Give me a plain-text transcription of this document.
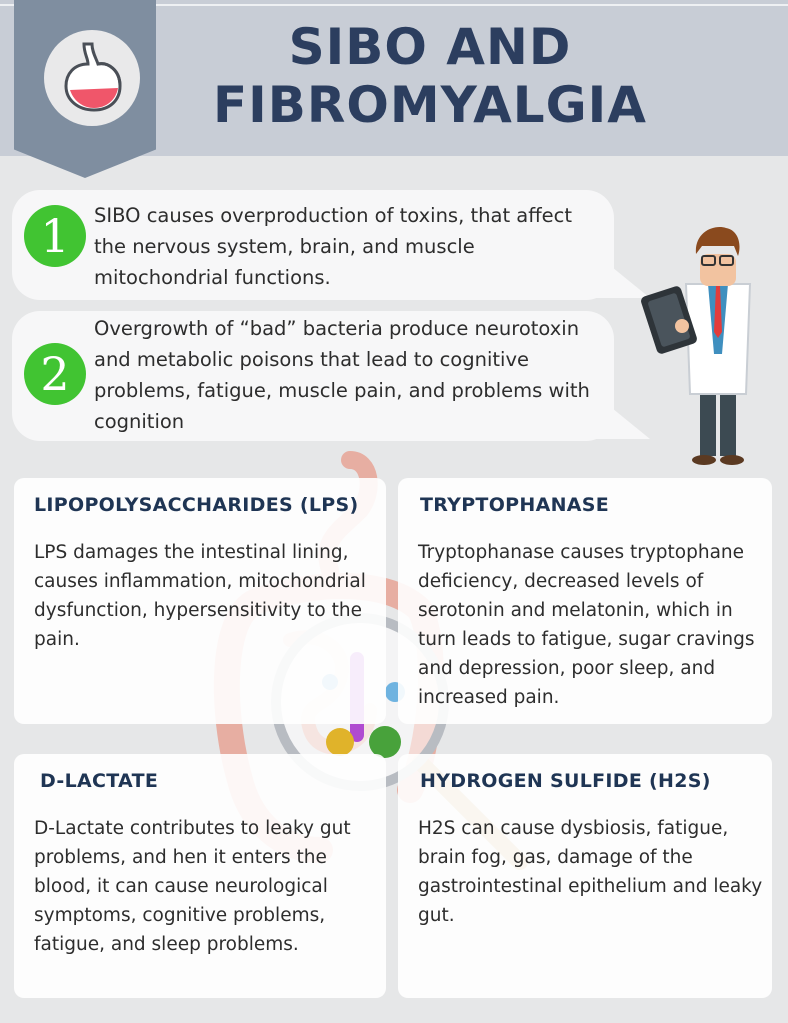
SIBO AND
FIBROMYALGIA
1	SIBO causes overproduction of toxins, that affect the nervous system, brain, and muscle mitochondrial functions.

2

Overgrowth of “bad” bacteria produce neurotoxin and metabolic poisons that lead to cognitive problems, fatigue, muscle pain, and problems with cognition

LIPOPOLYSACCHARIDES (LPS)

LPS damages the intestinal lining, causes inflammation, mitochondrial dysfunction, hypersensitivity to the pain.

TRYPTOPHANASE

Tryptophanase causes tryptophane deficiency, decreased levels of serotonin and melatonin, which in turn leads to fatigue, sugar cravings and depression, poor sleep, and increased pain.

D-LACTATE

D-Lactate contributes to leaky gut problems, and hen it enters the blood, it can cause neurological symptoms, cognitive problems, fatigue, and sleep problems.

HYDROGEN SULFIDE (H2S)

H2S can cause dysbiosis, fatigue, brain fog, gas, damage of the gastrointestinal epithelium and leaky gut.
